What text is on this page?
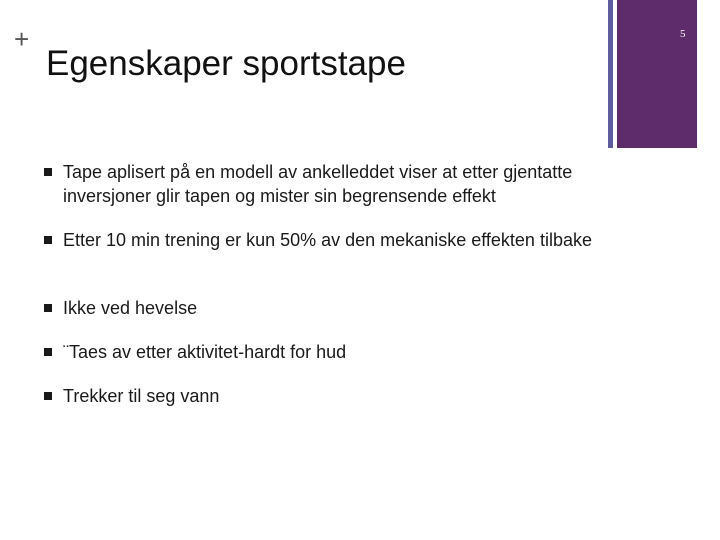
+
Egenskaper sportstape
5
Tape aplisert på en modell av ankelleddet viser at etter gjentatte inversjoner glir tapen og mister sin begrensende effekt
Etter 10 min trening er kun 50% av den mekaniske effekten tilbake
Ikke ved hevelse
¨Taes av etter aktivitet-hardt for hud
Trekker til seg vann
